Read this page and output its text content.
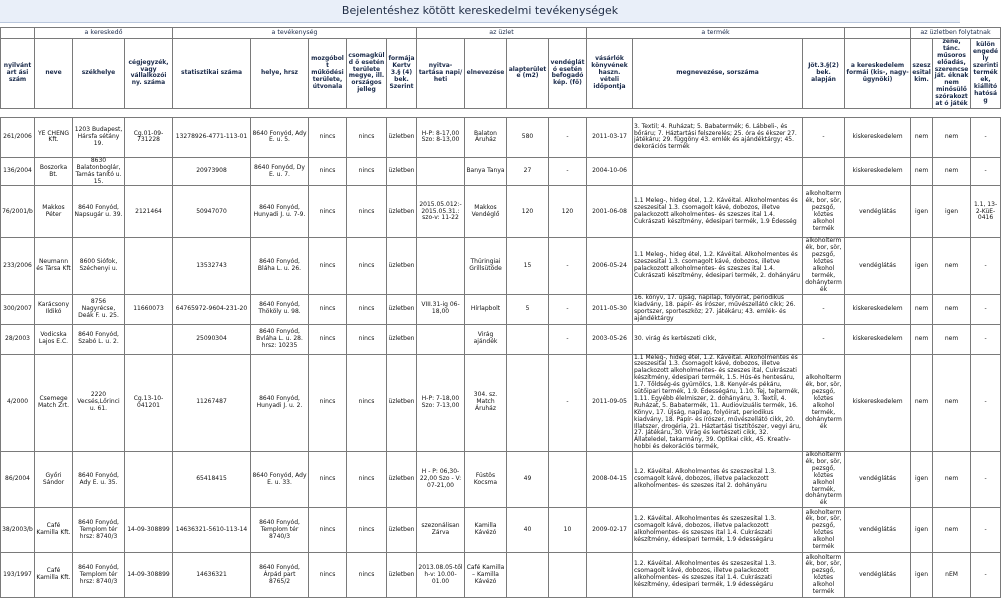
Bejelentéshez kötött kereskedelmi tevékenységek
	a kereskedő			a tevékenység					az üzlet				a termék				az üzletben folytatnak		
nyilvántart ási szám	neve	székhelye	cégjegyzék, vagy vállalkozói ny. száma	statisztikai száma	helye, hrsz	mozgóbolt működési területe, útvonala	csomagküld ő esetén területe megye, ill. országos jelleg	formája Kertv 3.§ (4) bek. Szerint	nyitva-tartása napi/ heti	elnevezése	alapterülete (m2)	vendéglátó esetén befogadó kép. (fő)	vásárlók könyvének haszn. vételi időpontja	megnevezése, sorszáma	Jöt.3.§(2) bek. alapján	a kereskedelem formái (kis-, nagy- ügynöki)	szeszesital kim.	zene, tánc. műsoros előadás, szerencseját. éknak nem minősülő szórakoztat ó játék	külön engedély szerinti termékek, kiállító hatóság

261/2006	YE CHENG Kft.	1203 Budapest, Hársfa sétány 19.	Cg.01-09-731228	13278926-4771-113-01	8640 Fonyód, Ady E. u. 5.	nincs	nincs	üzletben	H-P: 8-17,00 Szo: 8-13,00	Balaton Áruház	580	-	2011-03-17	3. Textil; 4. Ruházat; 5. Babatermék; 6. Lábbeli-, és bőráru; 7. Háztartási felszerelés; 25. óra és ékszer 27. játékáru; 29. függöny 43. emlék és ajándéktárgy; 45. dekorációs termék	-	kiskereskedelem	nem	nem	-
136/2004	Boszorka Bt.	8630 Balatonboglár, Tamás tanító u. 15.		20973908	8640 Fonyód, Dy E. u. 7.	nincs	nincs	üzletben		Banya Tanya	27	-	2004-10-06			kiskereskedelem	nem	nem	-
76/2001/b	Makkos Péter	8640 Fonyód, Napsugár u. 39.	2121464	50947070	8640 Fonyód, Hunyadi J. u. 7-9.	nincs	nincs	üzletben	2015.05.012:- 2015.05.31.: szo-v: 11-22	Makkos Vendéglő	120	120	2001-06-08	1.1 Meleg-, hideg étel, 1.2. Kávéital. Alkoholmentes és szeszesital 1.3. csomagolt kávé, dobozos, illetve palackozott alkoholmentes- és szeszes ital 1.4. Cukrászati készítmény, édesipari termék, 1.9 Édesség	alkoholtermék, bor, sör, pezsgő, köztes alkohol termék	vendéglátás	igen	igen	1.1, 13-2-KüE-0416
233/2006	Neumann és Társa Kft	8600 Siófok, Széchenyi u.		13532743	8640 Fonyód, Bláha L. u. 26.	nincs	nincs	üzletben		Thüringiai Grillsütöde	15	-	2006-05-24	1.1 Meleg-, hideg étel, 1.2. Kávéital. Alkoholmentes és szeszesital 1.3. csomagolt kávé, dobozos, illetve palackozott alkoholmentes- és szeszes ital 1.4. Cukrászati készítmény, édesipari termék, 2. dohányáru	alkoholtermék, bor, sör, pezsgő, köztes alkohol termék, dohánytermék	vendéglátás	igen	nem	-
300/2007	Karácsony Ildikó	8756 Nagyrécse, Deák F. u. 25.	11660073	64765972-9604-231-20	8640 Fonyód, Thököly u. 98.	nincs	nincs	üzletben	VIII.31-ig 06-18,00	Hírlapbolt	5	-	2011-05-30	16. könyv, 17. újság, napilap, folyóirat, periodikus kiadvány, 18. papír- és írószer, művészellátó cikk; 26. sportszer, sporteszköz; 27. játékáru; 43. emlék- és ajándéktárgy	-	kiskereskedelem	nem	nem	-
28/2003	Vodicska Lajos E.C.	8640 Fonyód, Szabó L. u. 2.		25090304	8640 Fonyód, Bvláha L. u. 28. hrsz: 10235	nincs	nincs	üzletben		Virág ajándék		-	2003-05-26	30. virág és kertészeti cikk,	-	kiskereskedelem	nem	nem	-
4/2000	Csemege Match Zrt.	2220 Vecsés,Lőrinci u. 61.	Cg.13-10-041201	11267487	8640 Fonyód, Hunyadi J. u. 2.	nincs	nincs	üzletben	H-P: 7-18,00 Szo: 7-13,00	304. sz. Match Áruház		-	2011-09-05	1.1 Meleg-, hideg étel, 1.2. Kávéital. Alkoholmentes és szeszesital 1.3. csomagolt kávé, dobozos, illetve palackozott alkoholmentes- és szeszes ital, Cukrászati készítmény, édesipari termék, 1.5. Hús-és hentesáru, 1.7. Tőldség-és gyümölcs, 1.8. Kenyér-és pékáru, sütőipari termék, 1.9. Édességáru, 1.10. Tej, tejtermék, 1.11. Egyébb élelmiszer, 2. dohányáru, 3. Textil, 4. Ruházat, 5. Babatermék, 11. Audiovizuális termék, 16. Könyv, 17. Újság, napilap, folyóirat, periodikus kiadvány, 18. Papír- és írószer, művészellátó cikk, 20. Illatszer, drogéria, 21. Háztartási tisztítószer, vegyi áru, 27. Játékáru, 30. Virág és kertészeti cikk, 32. Állateledel, takarmány, 39. Optikai cikk, 45. Kreatív- hobbi és dekorációs termék,	alkoholtermék, bor, sör, pezsgő, köztes alkohol termék, dohánytermék	kiskereskedelem	nem	nem	-
86/2004	Győri Sándor	8640 Fonyód, Ady E. u. 35.		65418415	8640 Fonyód, Ady E. u. 33.	nincs	nincs	üzletben	H - P: 06,30-22,00 Szo - V: 07-21,00	Füstös Kocsma	49		2008-04-15	1.2. Kávéital. Alkoholmentes és szeszesital 1.3. csomagolt kávé, dobozos, illetve palackozott alkoholmentes- és szeszes ital 2. dohányáru	alkoholtermék, bor, sör, pezsgő, köztes alkohol termék, dohánytermék	vendéglátás	igen	nem	-
38/2003/b	Café Kamilla Kft.	8640 Fonyód, Templom tér hrsz: 8740/3	14-09-308899	14636321-5610-113-14	8640 Fonyód, Templom tér 8740/3	nincs	nincs	üzletben	szezonálisan Zárva	Kamilla Kávézó	40	10	2009-02-17	1.2. Kávéital. Alkoholmentes és szeszesital 1.3. csomagolt kávé, dobozos, illetve palackozott alkoholmentes- és szeszes ital 1.4. Cukrászati készítmény, édesipari termék, 1.9 édességáru	alkoholtermék, bor, sör, pezsgő, köztes alkohol termék	vendéglátás	igen	nem	-
193/1997	Café Kamilla Kft.	8640 Fonyód, Templom tér hrsz: 8740/3	14-09-308899	14636321	8640 Fonyód, Árpád part 8765/2	nincs	nincs	üzletben	2013.08.05-től h-v: 10.00-01.00	Café Kamilla – Kamilla Kávézó				1.2. Kávéital. Alkoholmentes és szeszesital 1.3. csomagolt kávé, dobozos, illetve palackozott alkoholmentes- és szeszes ital 1.4. Cukrászati készítmény, édesipari termék, 1.9 édességáru	alkoholtermék, bor, sör, pezsgő, köztes alkohol termék	vendéglátás	igen	nEM	-
